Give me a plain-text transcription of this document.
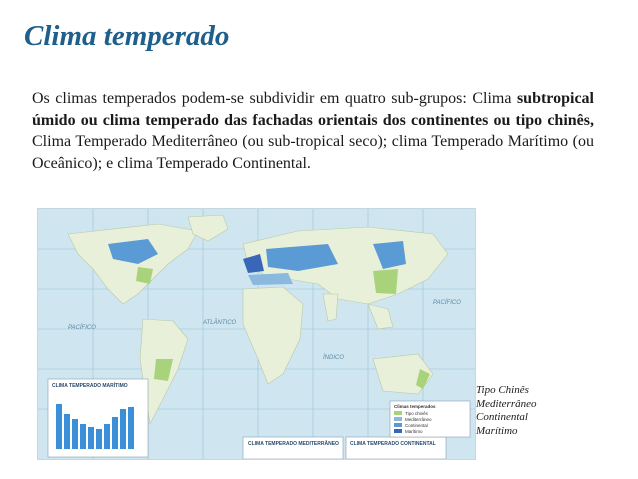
Clima temperado

Os climas temperados podem-se subdividir em quatro sub-grupos: Clima subtropical úmido ou clima temperado das fachadas orientais dos continentes ou tipo chinês, Clima Temperado Mediterrâneo (ou sub-tropical seco); clima Temperado Marítimo (ou Oceânico); e clima Temperado Continental.

PACÍFICO
ATLÂNTICO
PACÍFICO
ÍNDICO
CLIMA TEMPERADO MARÍTIMO
CLIMA TEMPERADO MEDITERRÂNEO CLIMA TEMPERADO CONTINENTAL
Climas temperados
Tipo chinês
Mediterrâneo
Continental
Marítimo
Tipo Chinês
Mediterrâneo
Continental
Marítimo
